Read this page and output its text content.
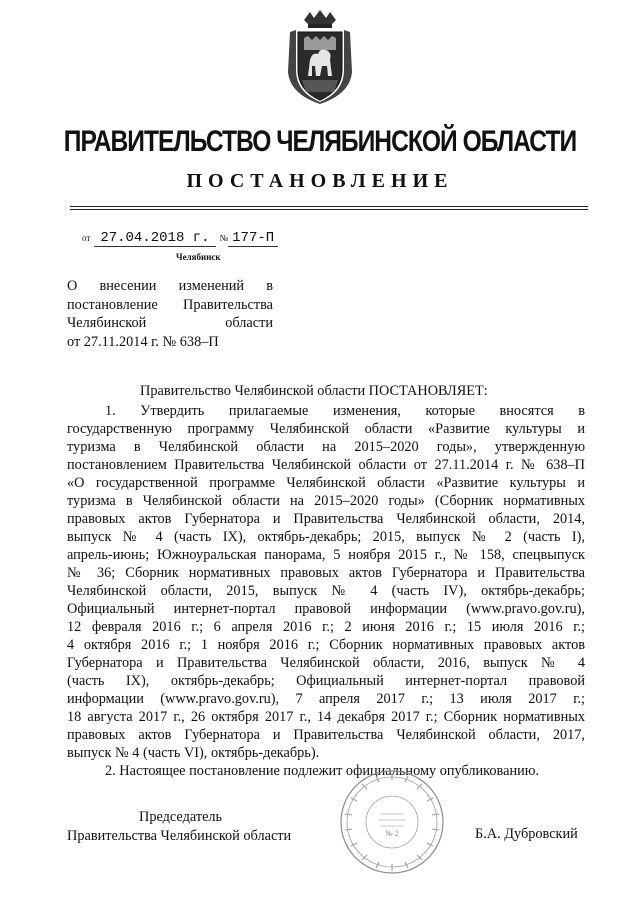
ПРАВИТЕЛЬСТВО ЧЕЛЯБИНСКОЙ ОБЛАСТИ
ПОСТАНОВЛЕНИЕ
от 27.04.2018 г. № 177-П
Челябинск
О внесении изменений в
постановление Правительства
Челябинской области
от 27.11.2014 г. № 638–П
Правительство Челябинской области ПОСТАНОВЛЯЕТ:
1. Утвердить прилагаемые изменения, которые вносятся в
государственную программу Челябинской области «Развитие культуры и
туризма в Челябинской области на 2015–2020 годы», утвержденную
постановлением Правительства Челябинской области от 27.11.2014 г. № 638–П
«О государственной программе Челябинской области «Развитие культуры и
туризма в Челябинской области на 2015–2020 годы» (Сборник нормативных
правовых актов Губернатора и Правительства Челябинской области, 2014,
выпуск № 4 (часть IX), октябрь-декабрь; 2015, выпуск № 2 (часть I),
апрель-июнь; Южноуральская панорама, 5 ноября 2015 г., № 158, спецвыпуск
№ 36; Сборник нормативных правовых актов Губернатора и Правительства
Челябинской области, 2015, выпуск № 4 (часть IV), октябрь-декабрь;
Официальный интернет-портал правовой информации (www.pravo.gov.ru),
12 февраля 2016 г.; 6 апреля 2016 г.; 2 июня 2016 г.; 15 июля 2016 г.;
4 октября 2016 г.; 1 ноября 2016 г.; Сборник нормативных правовых актов
Губернатора и Правительства Челябинской области, 2016, выпуск № 4
(часть IX), октябрь-декабрь; Официальный интернет-портал правовой
информации (www.pravo.gov.ru), 7 апреля 2017 г.; 13 июля 2017 г.;
18 августа 2017 г., 26 октября 2017 г., 14 декабря 2017 г.; Сборник нормативных
правовых актов Губернатора и Правительства Челябинской области, 2017,
выпуск № 4 (часть VI), октябрь-декабрь).
2. Настоящее постановление подлежит официальному опубликованию.
Председатель
Правительства Челябинской области	№ 2	Б.А. Дубровский
